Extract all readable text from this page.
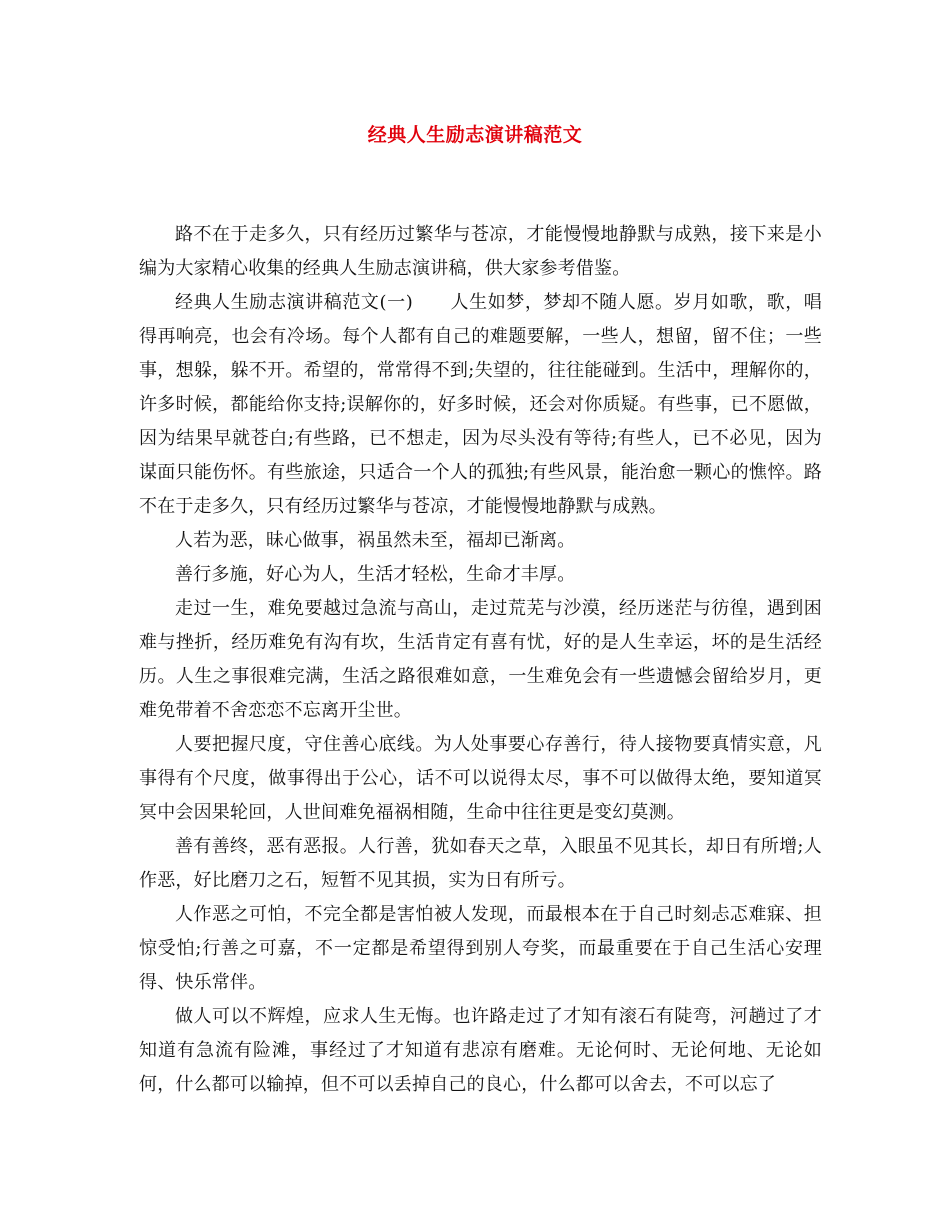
经典人生励志演讲稿范文

路不在于走多久，只有经历过繁华与苍凉，才能慢慢地静默与成熟，接下来是小编为大家精心收集的经典人生励志演讲稿，供大家参考借鉴。

经典人生励志演讲稿范文(一)　　人生如梦，梦却不随人愿。岁月如歌，歌，唱得再响亮，也会有冷场。每个人都有自己的难题要解，一些人，想留，留不住；一些事，想躲，躲不开。希望的，常常得不到;失望的，往往能碰到。生活中，理解你的，许多时候，都能给你支持;误解你的，好多时候，还会对你质疑。有些事，已不愿做，因为结果早就苍白;有些路，已不想走，因为尽头没有等待;有些人，已不必见，因为谋面只能伤怀。有些旅途，只适合一个人的孤独;有些风景，能治愈一颗心的憔悴。路不在于走多久，只有经历过繁华与苍凉，才能慢慢地静默与成熟。

人若为恶，昧心做事，祸虽然未至，福却已渐离。

善行多施，好心为人，生活才轻松，生命才丰厚。

走过一生，难免要越过急流与高山，走过荒芜与沙漠，经历迷茫与彷徨，遇到困难与挫折，经历难免有沟有坎，生活肯定有喜有忧，好的是人生幸运，坏的是生活经历。人生之事很难完满，生活之路很难如意，一生难免会有一些遗憾会留给岁月，更难免带着不舍恋恋不忘离开尘世。

人要把握尺度，守住善心底线。为人处事要心存善行，待人接物要真情实意，凡事得有个尺度，做事得出于公心，话不可以说得太尽，事不可以做得太绝，要知道冥冥中会因果轮回，人世间难免福祸相随，生命中往往更是变幻莫测。

善有善终，恶有恶报。人行善，犹如春天之草，入眼虽不见其长，却日有所增;人作恶，好比磨刀之石，短暂不见其损，实为日有所亏。

人作恶之可怕，不完全都是害怕被人发现，而最根本在于自己时刻忐忑难寐、担惊受怕;行善之可嘉，不一定都是希望得到别人夸奖，而最重要在于自己生活心安理得、快乐常伴。

做人可以不辉煌，应求人生无悔。也许路走过了才知有滚石有陡弯，河趟过了才知道有急流有险滩，事经过了才知道有悲凉有磨难。无论何时、无论何地、无论如何，什么都可以输掉，但不可以丢掉自己的良心，什么都可以舍去，不可以忘了
